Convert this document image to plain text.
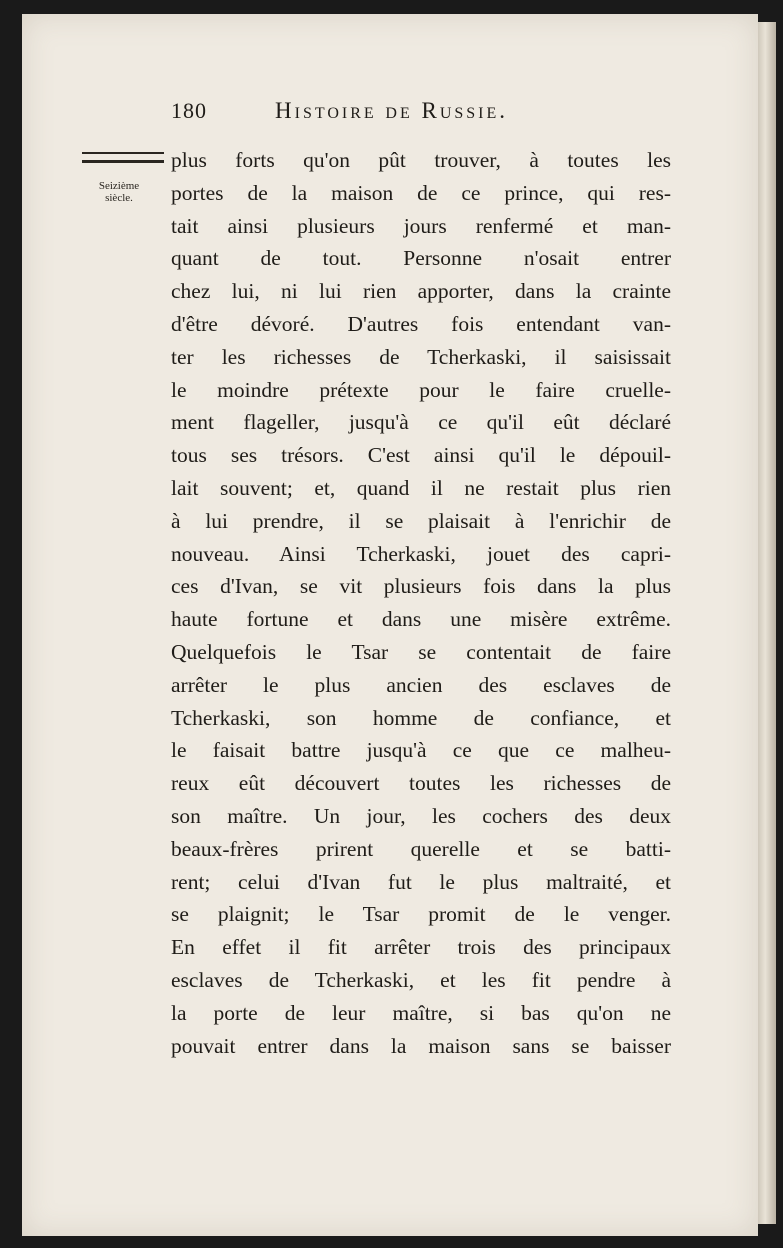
180	Histoire de Russie.
Seizième
siècle.
plus forts qu'on pût trouver, à toutes les
portes de la maison de ce prince, qui res-
tait ainsi plusieurs jours renfermé et man-
quant de tout. Personne n'osait entrer
chez lui, ni lui rien apporter, dans la crainte
d'être dévoré. D'autres fois entendant van-
ter les richesses de Tcherkaski, il saisissait
le moindre prétexte pour le faire cruelle-
ment flageller, jusqu'à ce qu'il eût déclaré
tous ses trésors. C'est ainsi qu'il le dépouil-
lait souvent; et, quand il ne restait plus rien
à lui prendre, il se plaisait à l'enrichir de
nouveau. Ainsi Tcherkaski, jouet des capri-
ces d'Ivan, se vit plusieurs fois dans la plus
haute fortune et dans une misère extrême.
Quelquefois le Tsar se contentait de faire
arrêter le plus ancien des esclaves de
Tcherkaski, son homme de confiance, et
le faisait battre jusqu'à ce que ce malheu-
reux eût découvert toutes les richesses de
son maître. Un jour, les cochers des deux
beaux-frères prirent querelle et se batti-
rent; celui d'Ivan fut le plus maltraité, et
se plaignit; le Tsar promit de le venger.
En effet il fit arrêter trois des principaux
esclaves de Tcherkaski, et les fit pendre à
la porte de leur maître, si bas qu'on ne
pouvait entrer dans la maison sans se baisser
